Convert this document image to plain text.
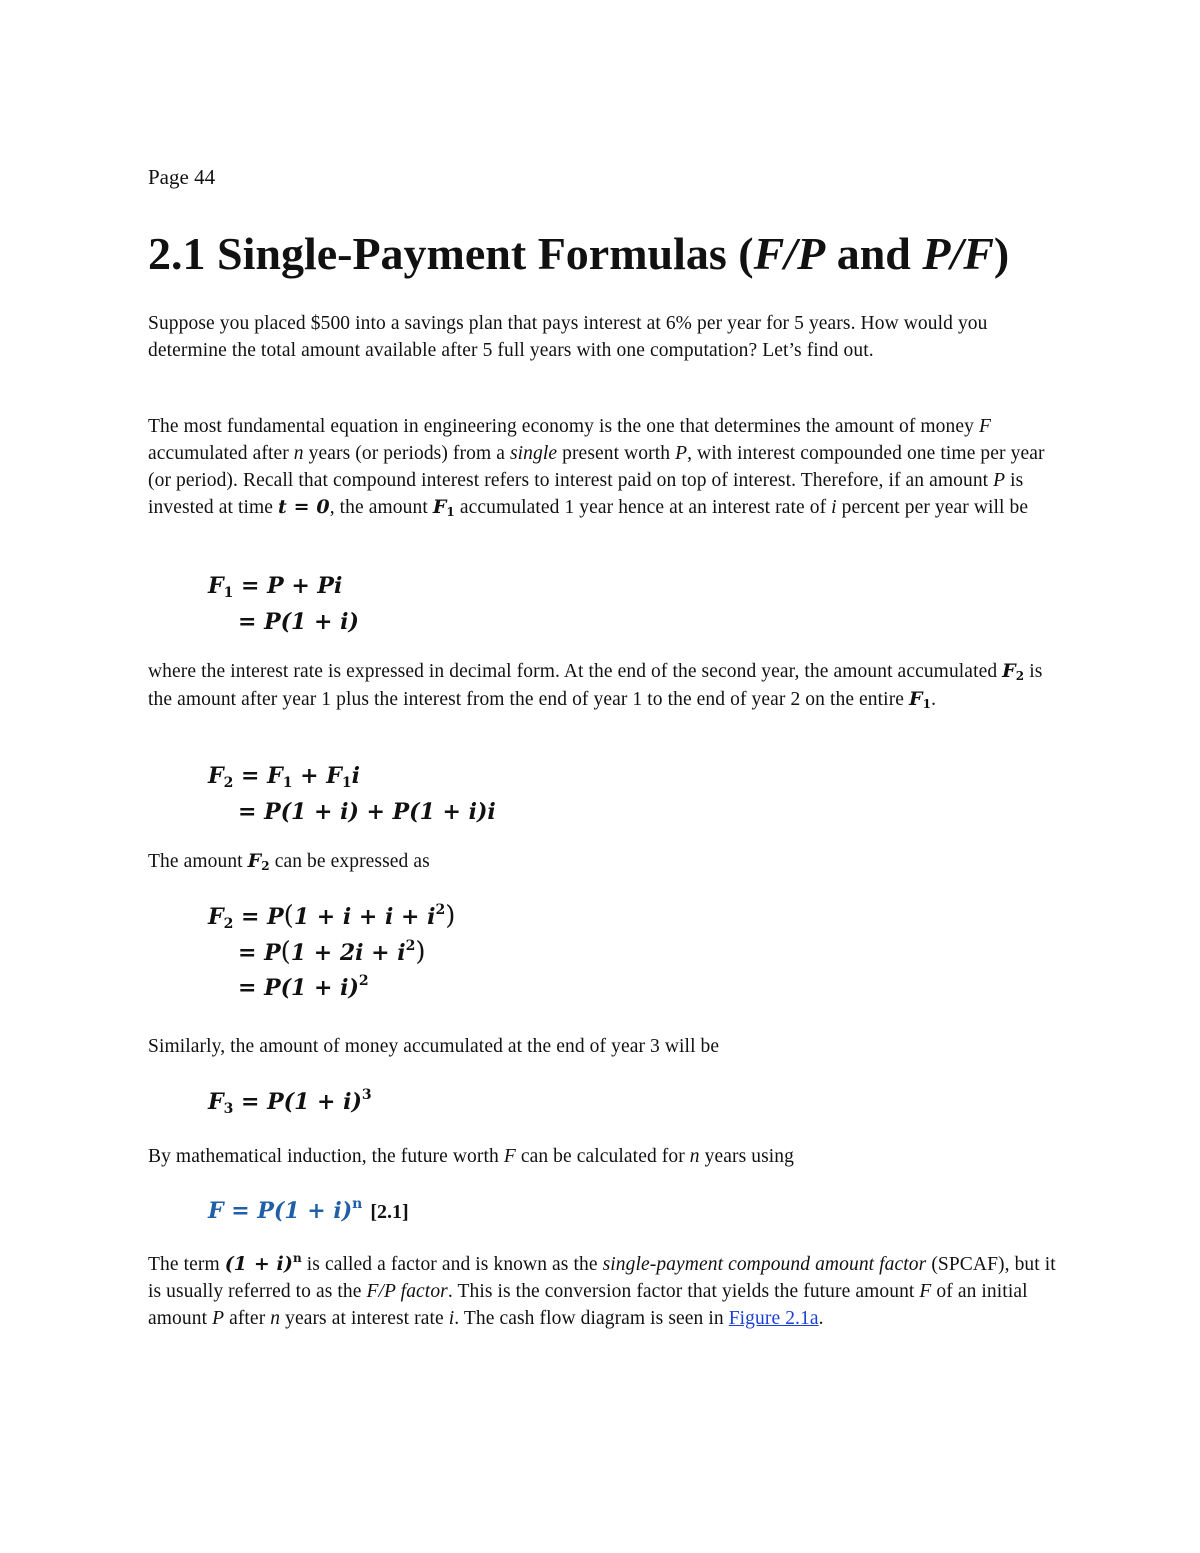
Page 44
2.1 Single-Payment Formulas (F/P and P/F)

Suppose you placed $500 into a savings plan that pays interest at 6% per year for 5 years. How would you determine the total amount available after 5 full years with one computation? Let’s find out.

The most fundamental equation in engineering economy is the one that determines the amount of money F accumulated after n years (or periods) from a single present worth P, with interest compounded one time per year (or period). Recall that compound interest refers to interest paid on top of interest. Therefore, if an amount P is invested at time t = 0, the amount $F_1$ accumulated 1 year hence at an interest rate of i percent per year will be

$F_1 = P + Pi$
= P(1 + i)

where the interest rate is expressed in decimal form. At the end of the second year, the amount accumulated $F_2$ is the amount after year 1 plus the interest from the end of year 1 to the end of year 2 on the entire $F_1$.

$F_2 = F_1 + F_1i$
= P(1 + i) + P(1 + i)i

The amount $F_2$ can be expressed as

$F_2 = P(1 + i + i + i^2)$
= $P(1 + 2i + i^2)$
= $P(1 + i)^2$

Similarly, the amount of money accumulated at the end of year 3 will be

$F_3 = P(1 + i)^3$

By mathematical induction, the future worth F can be calculated for n years using

$F = P(1 + i)^n$ [2.1]

The term $(1 + i)^n$ is called a factor and is known as the single-payment compound amount factor (SPCAF), but it is usually referred to as the F/P factor. This is the conversion factor that yields the future amount F of an initial amount P after n years at interest rate i. The cash flow diagram is seen in Figure 2.1a.
